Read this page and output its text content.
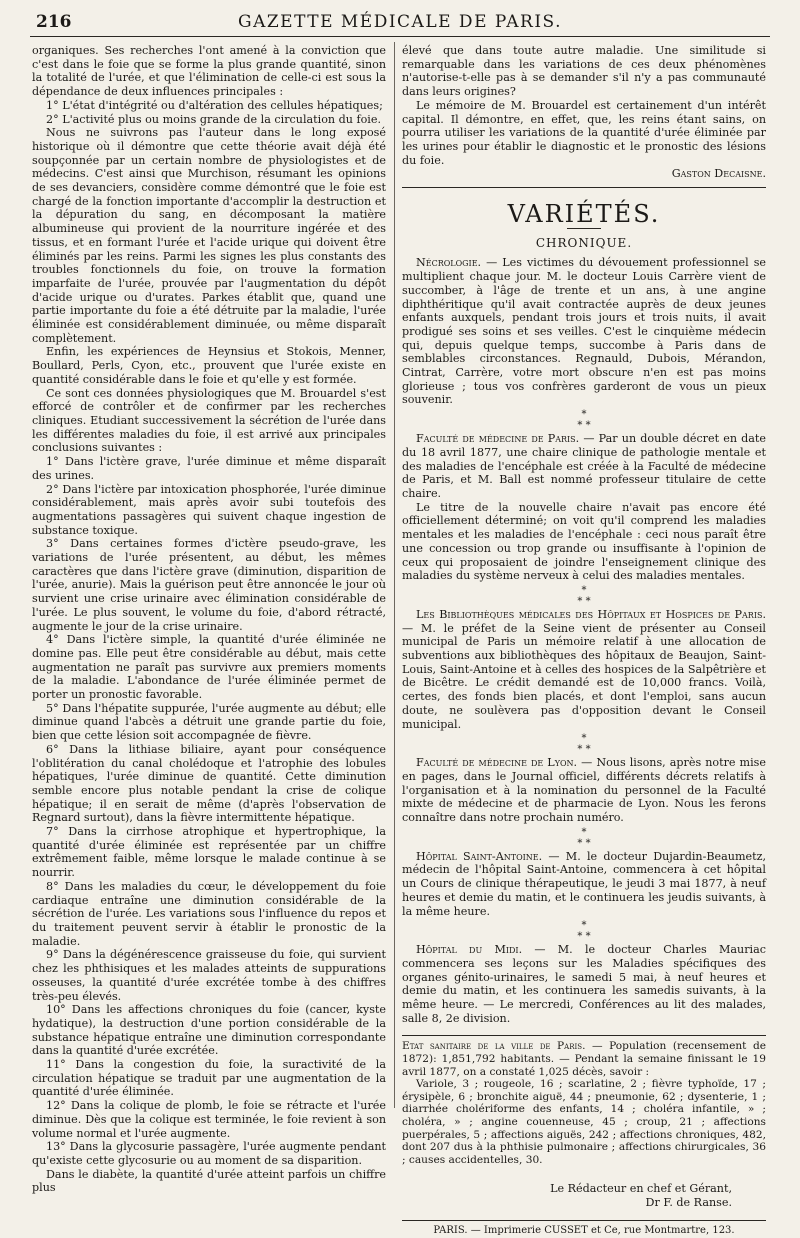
216	GAZETTE MÉDICALE DE PARIS.

organiques. Ses recherches l'ont amené à la conviction que c'est dans le foie que se forme la plus grande quantité, sinon la totalité de l'urée, et que l'élimination de celle-ci est sous la dépendance de deux influences principales :

1° L'état d'intégrité ou d'altération des cellules hépatiques;

2° L'activité plus ou moins grande de la circulation du foie.

Nous ne suivrons pas l'auteur dans le long exposé historique où il démontre que cette théorie avait déjà été soupçonnée par un certain nombre de physiologistes et de médecins. C'est ainsi que Murchison, résumant les opinions de ses devanciers, considère comme démontré que le foie est chargé de la fonction importante d'accomplir la destruction et la dépuration du sang, en décomposant la matière albumineuse qui provient de la nourriture ingérée et des tissus, et en formant l'urée et l'acide urique qui doivent être éliminés par les reins. Parmi les signes les plus constants des troubles fonctionnels du foie, on trouve la formation imparfaite de l'urée, prouvée par l'augmentation du dépôt d'acide urique ou d'urates. Parkes établit que, quand une partie importante du foie a été détruite par la maladie, l'urée éliminée est considérablement diminuée, ou même disparaît complètement.

Enfin, les expériences de Heynsius et Stokois, Menner, Boullard, Perls, Cyon, etc., prouvent que l'urée existe en quantité considérable dans le foie et qu'elle y est formée.

Ce sont ces données physiologiques que M. Brouardel s'est efforcé de contrôler et de confirmer par les recherches cliniques. Etudiant successivement la sécrétion de l'urée dans les différentes maladies du foie, il est arrivé aux principales conclusions suivantes :

1° Dans l'ictère grave, l'urée diminue et même disparaît des urines.

2° Dans l'ictère par intoxication phosphorée, l'urée diminue considérablement, mais après avoir subi toutefois des augmentations passagères qui suivent chaque ingestion de substance toxique.

3° Dans certaines formes d'ictère pseudo-grave, les variations de l'urée présentent, au début, les mêmes caractères que dans l'ictère grave (diminution, disparition de l'urée, anurie). Mais la guérison peut être annoncée le jour où survient une crise urinaire avec élimination considérable de l'urée. Le plus souvent, le volume du foie, d'abord rétracté, augmente le jour de la crise urinaire.

4° Dans l'ictère simple, la quantité d'urée éliminée ne domine pas. Elle peut être considérable au début, mais cette augmentation ne paraît pas survivre aux premiers moments de la maladie. L'abondance de l'urée éliminée permet de porter un pronostic favorable.

5° Dans l'hépatite suppurée, l'urée augmente au début; elle diminue quand l'abcès a détruit une grande partie du foie, bien que cette lésion soit accompagnée de fièvre.

6° Dans la lithiase biliaire, ayant pour conséquence l'oblitération du canal cholédoque et l'atrophie des lobules hépatiques, l'urée diminue de quantité. Cette diminution semble encore plus notable pendant la crise de colique hépatique; il en serait de même (d'après l'observation de Regnard surtout), dans la fièvre intermittente hépatique.

7° Dans la cirrhose atrophique et hypertrophique, la quantité d'urée éliminée est représentée par un chiffre extrêmement faible, même lorsque le malade continue à se nourrir.

8° Dans les maladies du cœur, le développement du foie cardiaque entraîne une diminution considérable de la sécrétion de l'urée. Les variations sous l'influence du repos et du traitement peuvent servir à établir le pronostic de la maladie.

9° Dans la dégénérescence graisseuse du foie, qui survient chez les phthisiques et les malades atteints de suppurations osseuses, la quantité d'urée excrétée tombe à des chiffres très-peu élevés.

10° Dans les affections chroniques du foie (cancer, kyste hydatique), la destruction d'une portion considérable de la substance hépatique entraîne une diminution correspondante dans la quantité d'urée excrétée.

11° Dans la congestion du foie, la suractivité de la circulation hépatique se traduit par une augmentation de la quantité d'urée éliminée.

12° Dans la colique de plomb, le foie se rétracte et l'urée diminue. Dès que la colique est terminée, le foie revient à son volume normal et l'urée augmente.

13° Dans la glycosurie passagère, l'urée augmente pendant qu'existe cette glycosurie ou au moment de sa disparition.

Dans le diabète, la quantité d'urée atteint parfois un chiffre plus

élevé que dans toute autre maladie. Une similitude si remarquable dans les variations de ces deux phénomènes n'autorise-t-elle pas à se demander s'il n'y a pas communauté dans leurs origines?

Le mémoire de M. Brouardel est certainement d'un intérêt capital. Il démontre, en effet, que, les reins étant sains, on pourra utiliser les variations de la quantité d'urée éliminée par les urines pour établir le diagnostic et le pronostic des lésions du foie.

Gaston Decaisne.

VARIÉTÉS.
CHRONIQUE.

Nécrologie. — Les victimes du dévouement professionnel se multiplient chaque jour. M. le docteur Louis Carrère vient de succomber, à l'âge de trente et un ans, à une angine diphthéritique qu'il avait contractée auprès de deux jeunes enfants auxquels, pendant trois jours et trois nuits, il avait prodigué ses soins et ses veilles. C'est le cinquième médecin qui, depuis quelque temps, succombe à Paris dans de semblables circonstances. Regnauld, Dubois, Mérandon, Cintrat, Carrère, votre mort obscure n'en est pas moins glorieuse ; tous vos confrères garderont de vous un pieux souvenir.

*
* *

Faculté de médecine de Paris. — Par un double décret en date du 18 avril 1877, une chaire clinique de pathologie mentale et des maladies de l'encéphale est créée à la Faculté de médecine de Paris, et M. Ball est nommé professeur titulaire de cette chaire.

Le titre de la nouvelle chaire n'avait pas encore été officiellement déterminé; on voit qu'il comprend les maladies mentales et les maladies de l'encéphale : ceci nous paraît être une concession ou trop grande ou insuffisante à l'opinion de ceux qui proposaient de joindre l'enseignement clinique des maladies du système nerveux à celui des maladies mentales.

*
* *

Les Bibliothèques médicales des Hôpitaux et Hospices de Paris. — M. le préfet de la Seine vient de présenter au Conseil municipal de Paris un mémoire relatif à une allocation de subventions aux bibliothèques des hôpitaux de Beaujon, Saint-Louis, Saint-Antoine et à celles des hospices de la Salpêtrière et de Bicêtre. Le crédit demandé est de 10,000 francs. Voilà, certes, des fonds bien placés, et dont l'emploi, sans aucun doute, ne soulèvera pas d'opposition devant le Conseil municipal.

*
* *

Faculté de médecine de Lyon. — Nous lisons, après notre mise en pages, dans le Journal officiel, différents décrets relatifs à l'organisation et à la nomination du personnel de la Faculté mixte de médecine et de pharmacie de Lyon. Nous les ferons connaître dans notre prochain numéro.

*
* *

Hôpital Saint-Antoine. — M. le docteur Dujardin-Beaumetz, médecin de l'hôpital Saint-Antoine, commencera à cet hôpital un Cours de clinique thérapeutique, le jeudi 3 mai 1877, à neuf heures et demie du matin, et le continuera les jeudis suivants, à la même heure.

*
* *

Hôpital du Midi. — M. le docteur Charles Mauriac commencera ses leçons sur les Maladies spécifiques des organes génito-urinaires, le samedi 5 mai, à neuf heures et demie du matin, et les continuera les samedis suivants, à la même heure. — Le mercredi, Conférences au lit des malades, salle 8, 2e division.

Etat sanitaire de la ville de Paris. — Population (recensement de 1872): 1,851,792 habitants. — Pendant la semaine finissant le 19 avril 1877, on a constaté 1,025 décès, savoir :

Variole, 3 ; rougeole, 16 ; scarlatine, 2 ; fièvre typhoïde, 17 ; érysipèle, 6 ; bronchite aiguë, 44 ; pneumonie, 62 ; dysenterie, 1 ; diarrhée cholériforme des enfants, 14 ; choléra infantile, » ; choléra, » ; angine couenneuse, 45 ; croup, 21 ; affections puerpérales, 5 ; affections aiguës, 242 ; affections chroniques, 482, dont 207 dus à la phthisie pulmonaire ; affections chirurgicales, 36 ; causes accidentelles, 30.

Le Rédacteur en chef et Gérant,
Dr F. de Ranse.
PARIS. — Imprimerie CUSSET et Ce, rue Montmartre, 123.
